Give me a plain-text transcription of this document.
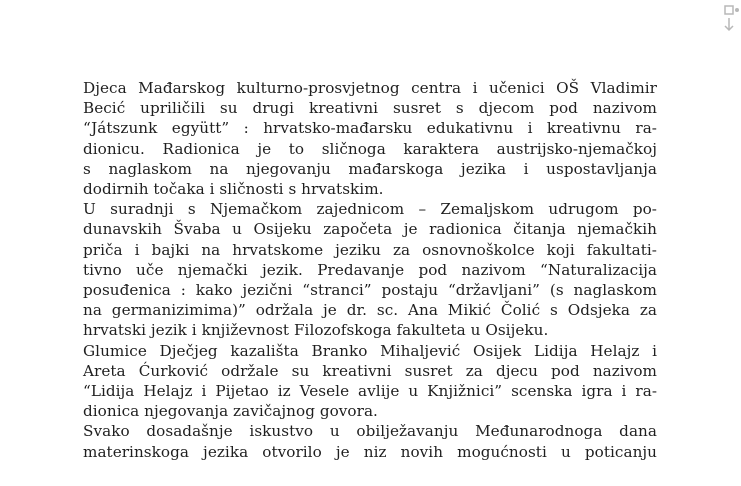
Djeca Mađarskog kulturno-prosvjetnog centra i učenici OŠ Vladimir
Becić upriličili su drugi kreativni susret s djecom pod nazivom
“Játszunk együtt” : hrvatsko-mađarsku edukativnu i kreativnu ra-
dionicu. Radionica je to sličnoga karaktera austrijsko-njemačkoj
s naglaskom na njegovanju mađarskoga jezika i uspostavljanja
dodirnih točaka i sličnosti s hrvatskim.
U suradnji s Njemačkom zajednicom – Zemaljskom udrugom po-
dunavskih Švaba u Osijeku započeta je radionica čitanja njemačkih
priča i bajki na hrvatskome jeziku za osnovnoškolce koji fakultati-
tivno uče njemački jezik. Predavanje pod nazivom “Naturalizacija
posuđenica : kako jezični “stranci” postaju “državljani” (s naglaskom
na germanizimima)” održala je dr. sc. Ana Mikić Čolić s Odsjeka za
hrvatski jezik i književnost Filozofskoga fakulteta u Osijeku.
Glumice Dječjeg kazališta Branko Mihaljević Osijek Lidija Helajz i
Areta Ćurković održale su kreativni susret za djecu pod nazivom
“Lidija Helajz i Pijetao iz Vesele avlije u Knjižnici” scenska igra i ra-
dionica njegovanja zavičajnog govora.
Svako dosadašnje iskustvo u obilježavanju Međunarodnoga dana
materinskoga jezika otvorilo je niz novih mogućnosti u poticanju
